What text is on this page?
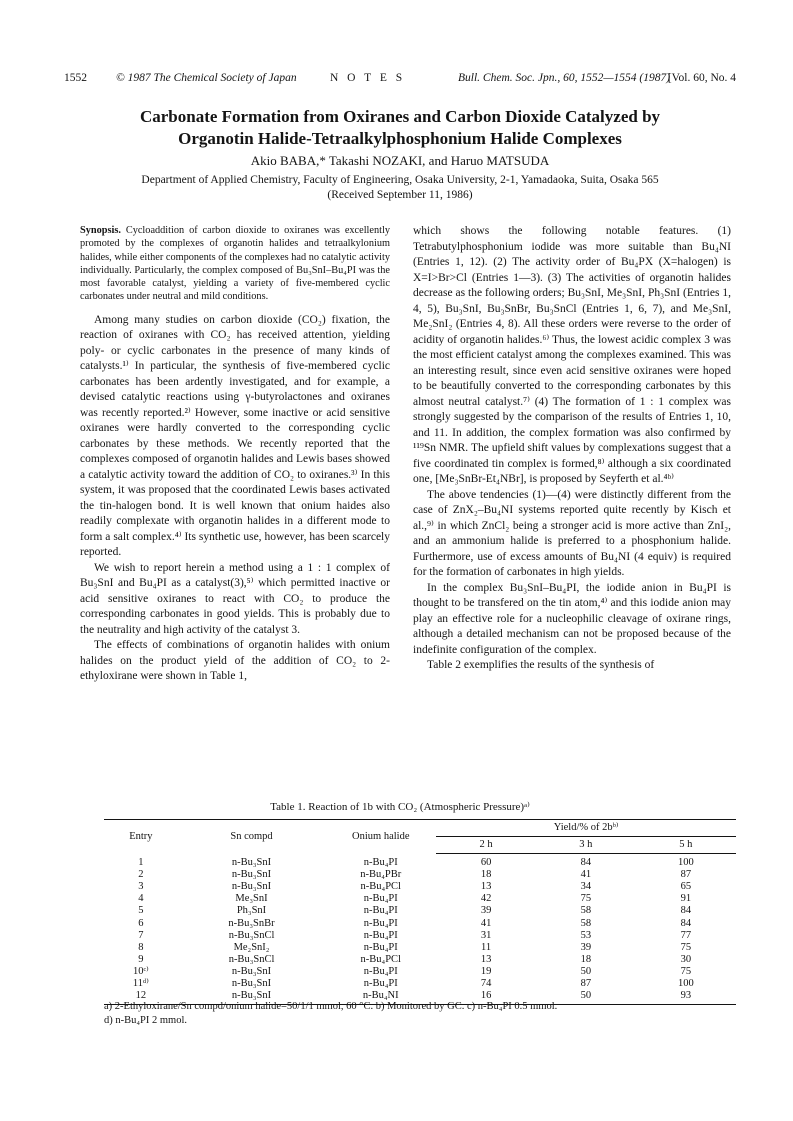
1552	© 1987 The Chemical Society of Japan	N O T E S	Bull. Chem. Soc. Jpn., 60, 1552—1554 (1987)
[Vol. 60, No. 4
Carbonate Formation from Oxiranes and Carbon Dioxide Catalyzed by
Organotin Halide-Tetraalkylphosphonium Halide Complexes
Akio BABA,* Takashi NOZAKI, and Haruo MATSUDA
Department of Applied Chemistry, Faculty of Engineering, Osaka University, 2-1, Yamadaoka, Suita, Osaka 565
(Received September 11, 1986)

Synopsis. Cycloaddition of carbon dioxide to oxiranes was excellently promoted by the complexes of organotin halides and tetraalkylonium halides, while either components of the complexes had no catalytic activity individually. Particularly, the complex composed of Bu₃SnI–Bu₄PI was the most favorable catalyst, yielding a variety of five-membered cyclic carbonates under neutral and mild conditions.

Among many studies on carbon dioxide (CO₂) fixation, the reaction of oxiranes with CO₂ has received attention, yielding poly- or cyclic carbonates in the presence of many kinds of catalysts.¹⁾ In particular, the synthesis of five-membered cyclic carbonates has been ardently investigated, and for example, a devised catalytic reactions using γ-butyrolactones and oxiranes was recently reported.²⁾ However, some inactive or acid sensitive oxiranes were hardly converted to the corresponding cyclic carbonates by these methods. We recently reported that the complexes composed of organotin halides and Lewis bases showed a catalytic activity toward the addition of CO₂ to oxiranes.³⁾ In this system, it was proposed that the coordinated Lewis bases activated the tin-halogen bond. It is well known that onium haides also readily complexate with organotin halides in a different mode to form a salt complex.⁴⁾ Its synthetic use, however, has been scarcely reported.

We wish to report herein a method using a 1 : 1 complex of Bu₃SnI and Bu₄PI as a catalyst(3),⁵⁾ which permitted inactive or acid sensitive oxiranes to react with CO₂ to produce the corresponding carbonates in good yields. This is probably due to the neutrality and high activity of the catalyst 3.

The effects of combinations of organotin halides with onium halides on the product yield of the addition of CO₂ to 2-ethyloxirane were shown in Table 1,

which shows the following notable features. (1) Tetrabutylphosphonium iodide was more suitable than Bu₄NI (Entries 1, 12). (2) The activity order of Bu₄PX (X=halogen) is X=I>Br>Cl (Entries 1—3). (3) The activities of organotin halides decrease as the following orders; Bu₃SnI, Me₃SnI, Ph₃SnI (Entries 1, 4, 5), Bu₃SnI, Bu₃SnBr, Bu₃SnCl (Entries 1, 6, 7), and Me₃SnI, Me₂SnI₂ (Entries 4, 8). All these orders were reverse to the order of acidity of organotin halides.⁶⁾ Thus, the lowest acidic complex 3 was the most efficient catalyst among the complexes examined. This was an interesting result, since even acid sensitive oxiranes were hoped to be beautifully converted to the corresponding carbonates by this almost neutral catalyst.⁷⁾ (4) The formation of 1 : 1 complex was strongly suggested by the comparison of the results of Entries 1, 10, and 11. In addition, the complex formation was also confirmed by ¹¹⁹Sn NMR. The upfield shift values by complexations suggest that a five coordinated tin complex is formed,⁸⁾ although a six coordinated one, [Me₃SnBr-Et₄NBr], is proposed by Seyferth et al.⁴ᵇ⁾

The above tendencies (1)—(4) were distinctly different from the case of ZnX₂–Bu₄NI systems reported quite recently by Kisch et al.,⁹⁾ in which ZnCl₂ being a stronger acid is more active than ZnI₂, and an ammonium halide is preferred to a phosphonium halide. Furthermore, use of excess amounts of Bu₄NI (4 equiv) is required for the formation of carbonates in high yields.

In the complex Bu₃SnI–Bu₄PI, the iodide anion in Bu₄PI is thought to be transfered on the tin atom,⁴⁾ and this iodide anion may play an effective role for a nucleophilic cleavage of oxirane rings, although a detailed mechanism can not be proposed because of the indefinite configuration of the complex.

Table 2 exemplifies the results of the synthesis of

Table 1. Reaction of 1b with CO₂ (Atmospheric Pressure)ᵃ⁾
Entry	Sn compd	Onium halide	Yield/% of 2bᵇ⁾		
			2 h	3 h	5 h
1	n-Bu₃SnI	n-Bu₄PI	60	84	100
2	n-Bu₃SnI	n-Bu₄PBr	18	41	87
3	n-Bu₃SnI	n-Bu₄PCl	13	34	65
4	Me₃SnI	n-Bu₄PI	42	75	91
5	Ph₃SnI	n-Bu₄PI	39	58	84
6	n-Bu₃SnBr	n-Bu₄PI	41	58	84
7	n-Bu₃SnCl	n-Bu₄PI	31	53	77
8	Me₂SnI₂	n-Bu₄PI	11	39	75
9	n-Bu₃SnCl	n-Bu₄PCl	13	18	30
10ᶜ⁾	n-Bu₃SnI	n-Bu₄PI	19	50	75
11ᵈ⁾	n-Bu₃SnI	n-Bu₄PI	74	87	100
12	n-Bu₃SnI	n-Bu₄NI	16	50	93
a) 2-Ethyloxirane/Sn compd/onium halide=50/1/1 mmol, 60 °C. b) Monitored by GC. c) n-Bu₄PI 0.5 mmol.
d) n-Bu₄PI 2 mmol.
